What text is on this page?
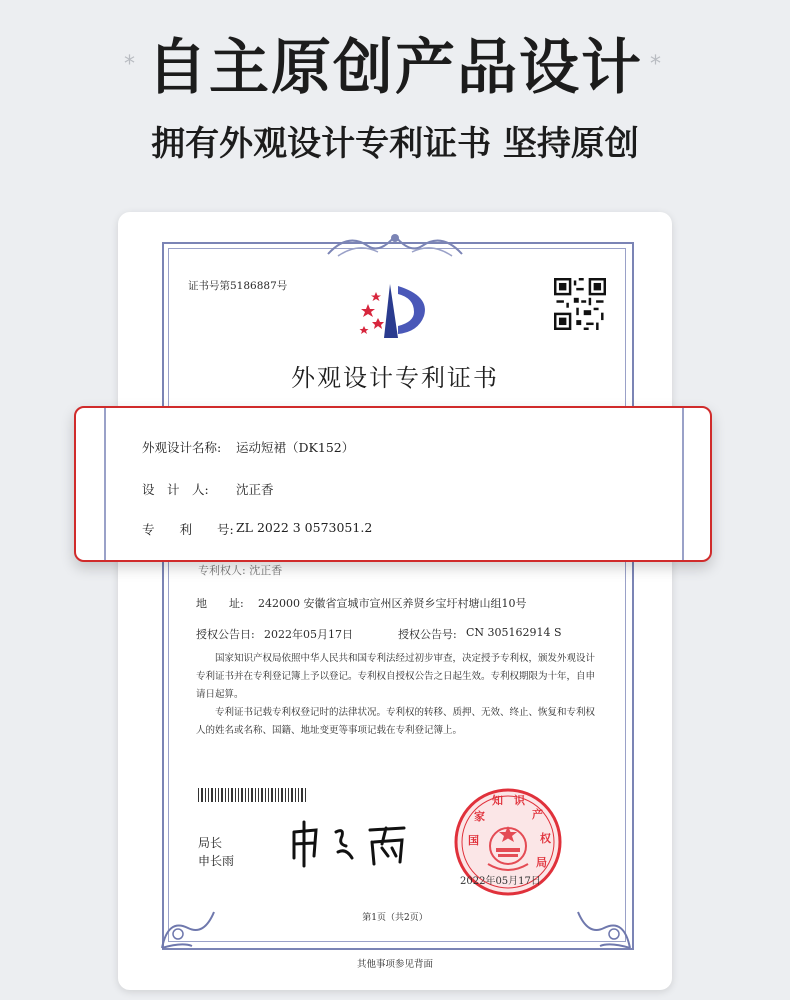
自主原创产品设计
*	*
拥有外观设计专利证书 坚持原创
证书号第5186887号
外观设计专利证书
专利权人: 沈正香
地　　址: 242000 安徽省宣城市宣州区养贤乡宝圩村塘山组10号
授权公告日: 2022年05月17日	授权公告号: CN 305162914 S
国家知识产权局依照中华人民共和国专利法经过初步审查，决定授予专利权，颁发外观设计专利证书并在专利登记簿上予以登记。专利权自授权公告之日起生效。专利权期限为十年，自申请日起算。
专利证书记载专利权登记时的法律状况。专利权的转移、质押、无效、终止、恢复和专利权人的姓名或名称、国籍、地址变更等事项记载在专利登记簿上。
局长
申长雨
国
家
知 识
产
权
局
2022年05月17日
第1页（共2页）
其他事项参见背面
外观设计名称: 运动短裙（DK152）
设　计　人: 沈正香
专　　利　　号: ZL 2022 3 0573051.2
